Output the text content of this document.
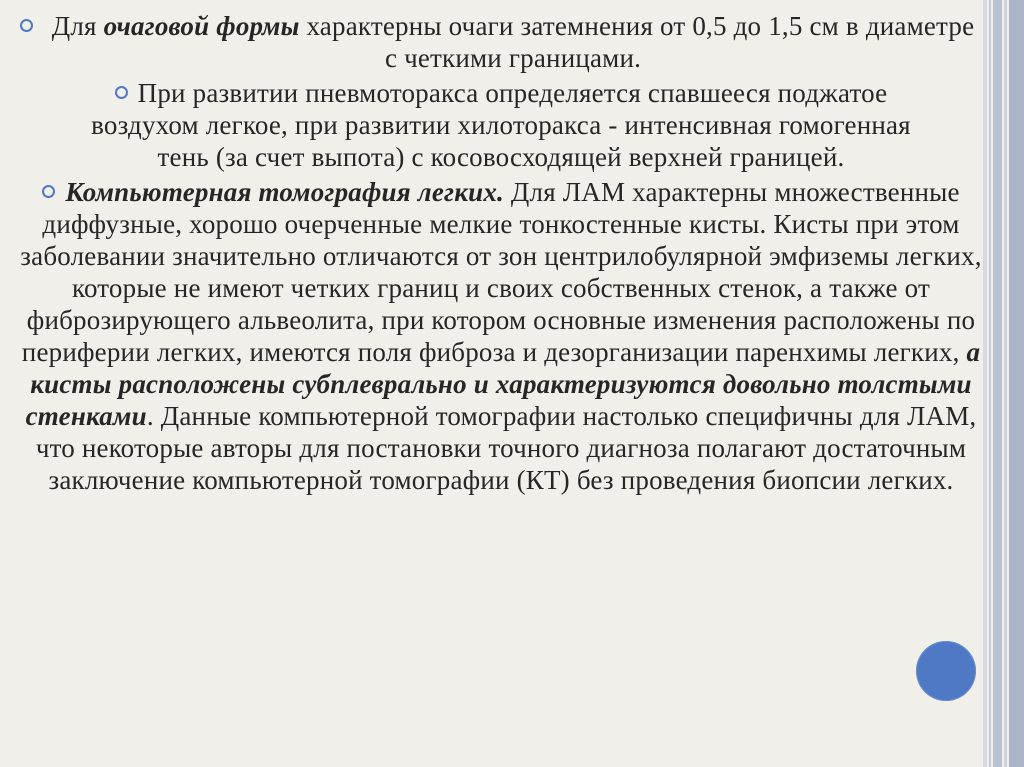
Для очаговой формы характерны очаги затемнения от 0,5 до 1,5 см в диаметре с четкими границами.

При развитии пневмоторакса определяется спавшееся поджатое воздухом легкое, при развитии хилоторакса - интенсивная гомогенная тень (за счет выпота) с косовосходящей верхней границей.

Компьютерная томография легких. Для ЛАМ характерны множественные диффузные, хорошо очерченные мелкие тонкостенные кисты. Кисты при этом заболевании значительно отличаются от зон центрилобулярной эмфиземы легких, которые не имеют четких границ и своих собственных стенок, а также от фиброзирующего альвеолита, при котором основные изменения расположены по периферии легких, имеются поля фиброза и дезорганизации паренхимы легких, а кисты расположены субплеврально и характеризуются довольно толстыми стенками. Данные компьютерной томографии настолько специфичны для ЛАМ, что некоторые авторы для постановки точного диагноза полагают достаточным заключение компьютерной томографии (КТ) без проведения биопсии легких.
